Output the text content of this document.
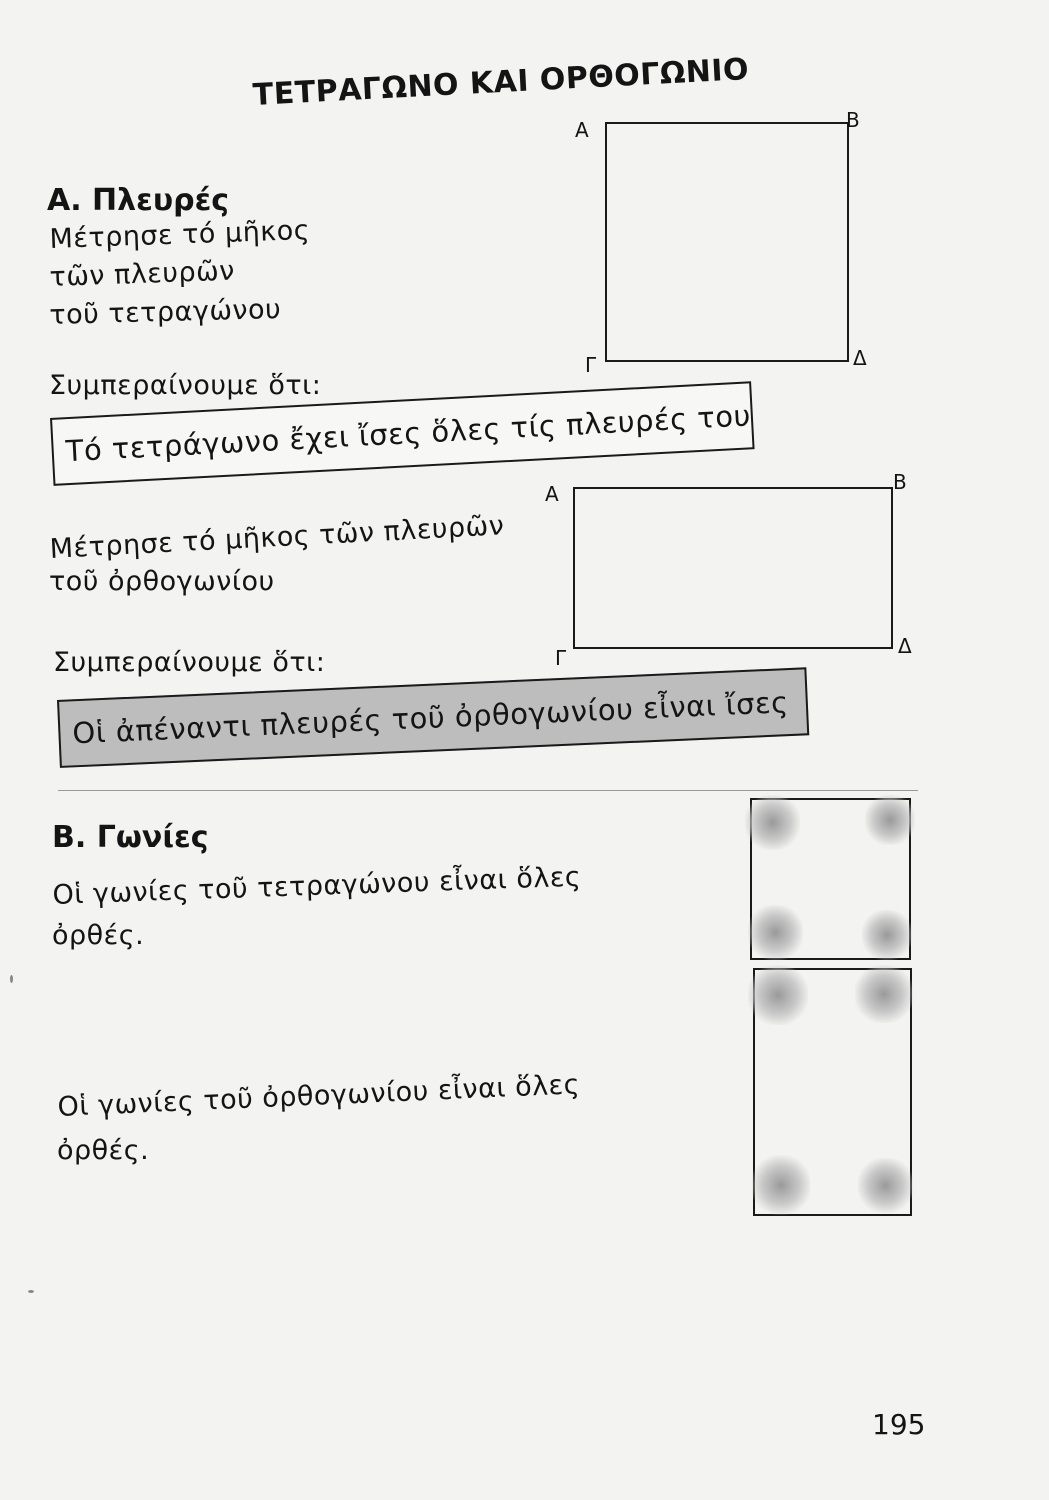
ΤΕΤΡΑΓΩΝΟ ΚΑΙ ΟΡΘΟΓΩΝΙΟ
Α	Β
Γ	Δ
Α. Πλευρές
Μέτρησε τό μῆκος
τῶν πλευρῶν
τοῦ τετραγώνου
Συμπεραίνουμε ὅτι:
Τό τετράγωνο ἔχει ἴσες ὅλες τίς πλευρές του
Α	Β
Γ	Δ
Μέτρησε τό μῆκος τῶν πλευρῶν
τοῦ ὀρθογωνίου
Συμπεραίνουμε ὅτι:
Οἱ ἀπέναντι πλευρές τοῦ ὀρθογωνίου εἶναι ἴσες
Β. Γωνίες
Οἱ γωνίες τοῦ τετραγώνου εἶναι ὅλες
ὀρθές.
Οἱ γωνίες τοῦ ὀρθογωνίου εἶναι ὅλες
ὀρθές.
195
